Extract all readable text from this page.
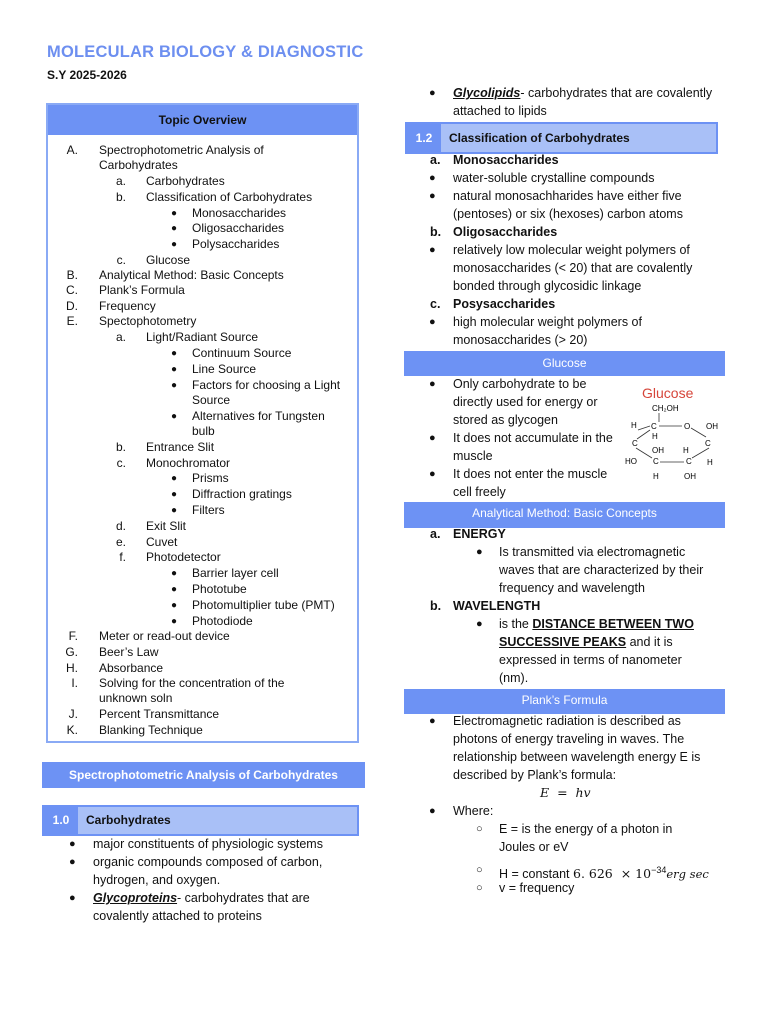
MOLECULAR BIOLOGY & DIAGNOSTIC
S.Y 2025-2026
Topic Overview
A. Spectrophotometric Analysis of
Carbohydrates
a. Carbohydrates
b. Classification of Carbohydrates
● Monosaccharides
● Oligosaccharides
● Polysaccharides
c. Glucose
B. Analytical Method: Basic Concepts
C. Plank’s Formula
D. Frequency
E. Spectophotometry
a. Light/Radiant Source
● Continuum Source
● Line Source
● Factors for choosing a Light
Source
● Alternatives for Tungsten
bulb
b. Entrance Slit
c. Monochromator
● Prisms
● Diffraction gratings
● Filters
d. Exit Slit
e. Cuvet
f. Photodetector
● Barrier layer cell
● Phototube
● Photomultiplier tube (PMT)
● Photodiode
F. Meter or read-out device
G. Beer’s Law
H. Absorbance
I. Solving for the concentration of the
unknown soln
J. Percent Transmittance
K. Blanking Technique
Spectrophotometric Analysis of Carbohydrates
1.0	Carbohydrates
● major constituents of physiologic systems
● organic compounds composed of carbon,
hydrogen, and oxygen.
● Glycoproteins- carbohydrates that are
covalently attached to proteins
● Glycolipids- carbohydrates that are covalently
attached to lipids
1.2	Classification of Carbohydrates
a. Monosaccharides
● water-soluble crystalline compounds
● natural monosachharides have either five
(pentoses) or six (hexoses) carbon atoms
b. Oligosaccharides
● relatively low molecular weight polymers of
monosaccharides (< 20) that are covalently
bonded through glycosidic linkage
c. Posysaccharides
● high molecular weight polymers of
monosaccharides (> 20)
Glucose
● Only carbohydrate to be
directly used for energy or
stored as glycogen
● It does not accumulate in the
muscle
● It does not enter the muscle
cell freely
Glucose
CH₂OH
C	O OH
H
H
C	C
H
HO
OH
C
H
C
H	OH
Analytical Method: Basic Concepts
a. ENERGY
● Is transmitted via electromagnetic
waves that are characterized by their
frequency and wavelength
b. WAVELENGTH
● is the DISTANCE BETWEEN TWO
SUCCESSIVE PEAKS and it is
expressed in terms of nanometer
(nm).
Plank’s Formula
● Electromagnetic radiation is described as
photons of energy traveling in waves. The
relationship between wavelength energy E is
described by Plank’s formula:
E  =  hv
● Where:
○ E = is the energy of a photon in
Joules or eV
○ H = constant 6. $626 \times 10^{-34}erg$ sec
○ v = frequency
